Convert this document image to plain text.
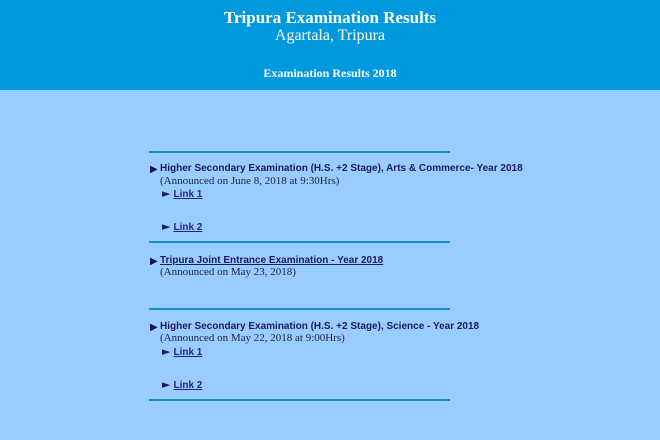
Tripura Examination Results
Agartala, Tripura
Examination Results 2018
▶ Higher Secondary Examination (H.S. +2 Stage), Arts & Commerce- Year 2018
(Announced on June 8, 2018 at 9:30Hrs)
► Link 1
► Link 2
▶ Tripura Joint Entrance Examination - Year 2018
(Announced on May 23, 2018)
▶ Higher Secondary Examination (H.S. +2 Stage), Science - Year 2018
(Announced on May 22, 2018 at 9:00Hrs)
► Link 1
► Link 2
